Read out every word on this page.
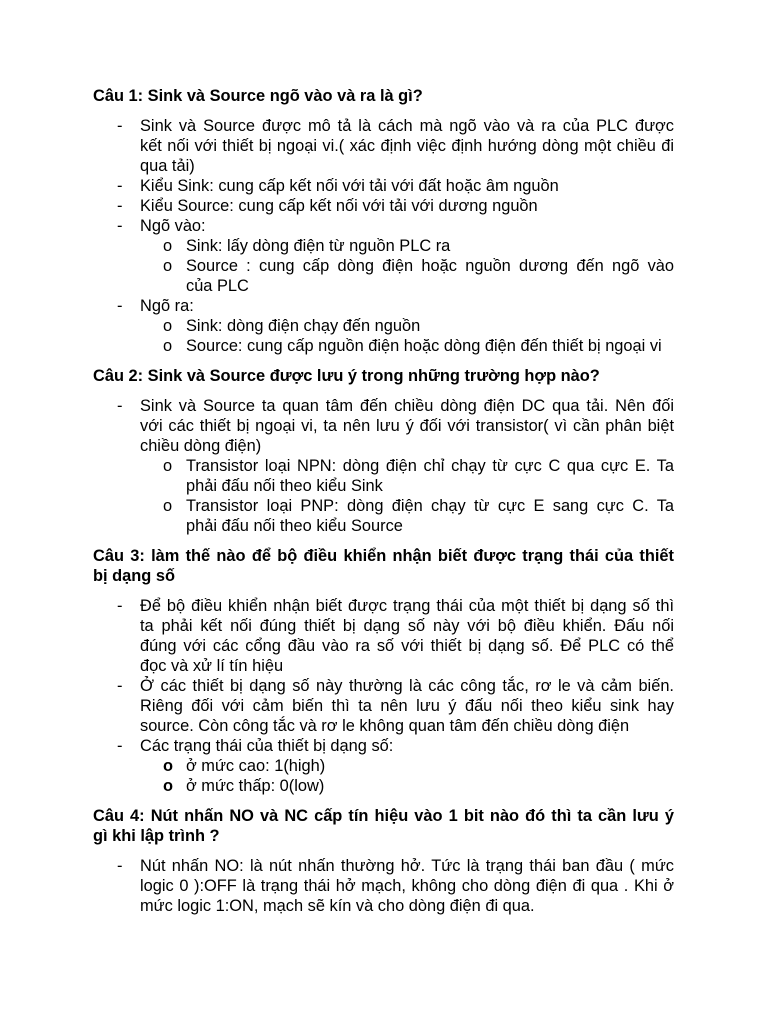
Câu 1: Sink và Source ngõ vào và ra là gì?
- Sink và Source được mô tả là cách mà ngõ vào và ra của PLC được
kết nối với thiết bị ngoại vi.( xác định việc định hướng dòng một chiều đi
qua tải)
- Kiểu Sink: cung cấp kết nối với tải với đất hoặc âm nguồn
- Kiểu Source: cung cấp kết nối với tải với dương nguồn
- Ngõ vào:
o Sink: lấy dòng điện từ nguồn PLC ra
o Source : cung cấp dòng điện hoặc nguồn dương đến ngõ vào
của PLC
- Ngõ ra:
o Sink: dòng điện chạy đến nguồn
o Source: cung cấp nguồn điện hoặc dòng điện đến thiết bị ngoại vi
Câu 2: Sink và Source được lưu ý trong những trường hợp nào?
- Sink và Source ta quan tâm đến chiều dòng điện DC qua tải. Nên đối
với các thiết bị ngoại vi, ta nên lưu ý đối với transistor( vì cần phân biệt
chiều dòng điện)
o Transistor loại NPN: dòng điện chỉ chạy từ cực C qua cực E. Ta
phải đấu nối theo kiểu Sink
o Transistor loại PNP: dòng điện chạy từ cực E sang cực C. Ta
phải đấu nối theo kiểu Source
Câu 3: làm thế nào để bộ điều khiển nhận biết được trạng thái của thiết
bị dạng số
- Để bộ điều khiển nhận biết được trạng thái của một thiết bị dạng số thì
ta phải kết nối đúng thiết bị dạng số này với bộ điều khiển. Đấu nối
đúng với các cổng đầu vào ra số với thiết bị dạng số. Để PLC có thể
đọc và xử lí tín hiệu
- Ở các thiết bị dạng số này thường là các công tắc, rơ le và cảm biến.
Riêng đối với cảm biến thì ta nên lưu ý đấu nối theo kiểu sink hay
source. Còn công tắc và rơ le không quan tâm đến chiều dòng điện
- Các trạng thái của thiết bị dạng số:
o ở mức cao: 1(high)
o ở mức thấp: 0(low)
Câu 4: Nút nhấn NO và NC cấp tín hiệu vào 1 bit nào đó thì ta cần lưu ý
gì khi lập trình ?
- Nút nhấn NO: là nút nhấn thường hở. Tức là trạng thái ban đầu ( mức
logic 0 ):OFF là trạng thái hở mạch, không cho dòng điện đi qua . Khi ở
mức logic 1:ON, mạch sẽ kín và cho dòng điện đi qua.
